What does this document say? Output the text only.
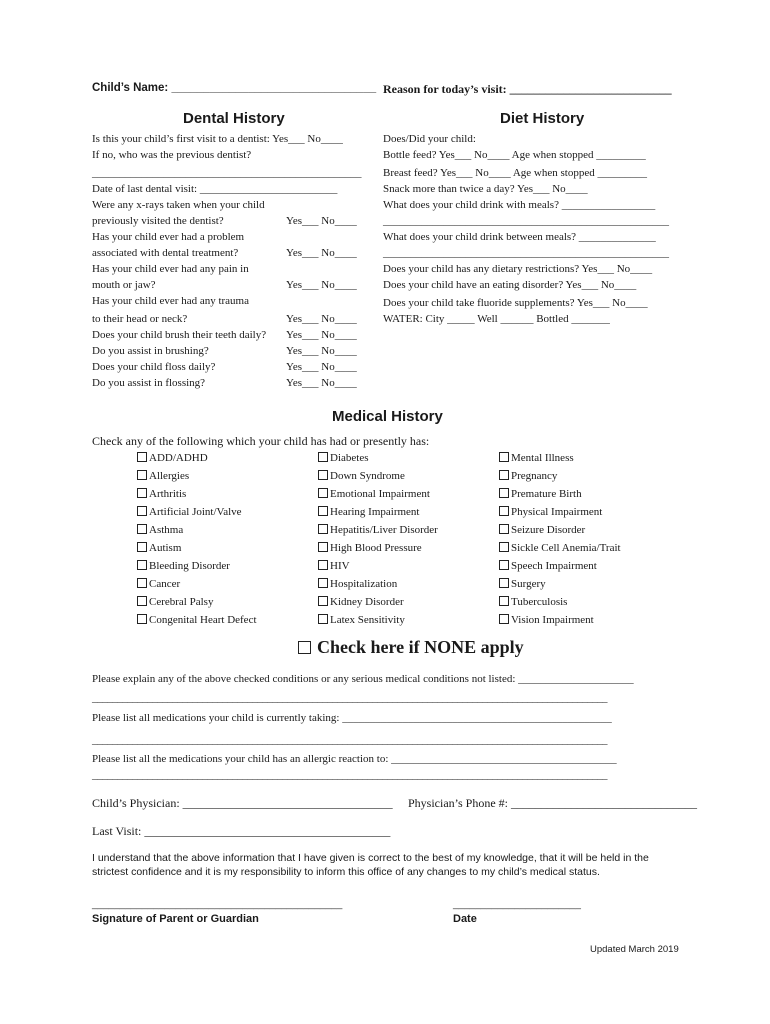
Child’s Name: ________________________________ Reason for today’s visit: ___________________________
Dental History	Diet History
Is this your child’s first visit to a dentist: Yes___ No____
If no, who was the previous dentist?
_________________________________________________
Date of last dental visit: _________________________
Were any x-rays taken when your child
previously visited the dentist?
Has your child ever had a problem
associated with dental treatment?
Has your child ever had any pain in
mouth or jaw?
Has your child ever had any trauma
to their head or neck?
Does your child brush their teeth daily?
Do you assist in brushing?
Does your child floss daily?
Do you assist in flossing?
Yes___ No____
Yes___ No____
Yes___ No____
Yes___ No____
Yes___ No____
Yes___ No____
Yes___ No____
Yes___ No____
Does/Did your child:
Bottle feed? Yes___ No____ Age when stopped _________
Breast feed? Yes___ No____ Age when stopped _________
Snack more than twice a day? Yes___ No____
What does your child drink with meals? _________________
____________________________________________________
What does your child drink between meals? ______________
____________________________________________________
Does your child has any dietary restrictions? Yes___ No____
Does your child have an eating disorder? Yes___ No____
Does your child take fluoride supplements? Yes___ No____
WATER: City _____ Well ______ Bottled _______
Medical History
Check any of the following which your child has had or presently has:
ADD/ADHD
Allergies
Arthritis
Artificial Joint/Valve
Asthma
Autism
Bleeding Disorder
Cancer
Cerebral Palsy
Congenital Heart Defect
Diabetes
Down Syndrome
Emotional Impairment
Hearing Impairment
Hepatitis/Liver Disorder
High Blood Pressure
HIV
Hospitalization
Kidney Disorder
Latex Sensitivity
Mental Illness
Pregnancy
Premature Birth
Physical Impairment
Seizure Disorder
Sickle Cell Anemia/Trait
Speech Impairment
Surgery
Tuberculosis
Vision Impairment
Check here if NONE apply
Please explain any of the above checked conditions or any serious medical conditions not listed: _____________________
_______________________________________________________________________________________________________
Please list all medications your child is currently taking: _________________________________________________
_______________________________________________________________________________________________________
Please list all the medications your child has an allergic reaction to: _________________________________________
_______________________________________________________________________________________________________
Child’s Physician: ___________________________________ Physician’s Phone #: _______________________________
Last Visit: _________________________________________
I understand that the above information that I have given is correct to the best of my knowledge, that it will be held in the
strictest confidence and it is my responsibility to inform this office of any changes to my child’s medical status.
_____________________________________________
Signature of Parent or Guardian
_______________________
Date
Updated March 2019
